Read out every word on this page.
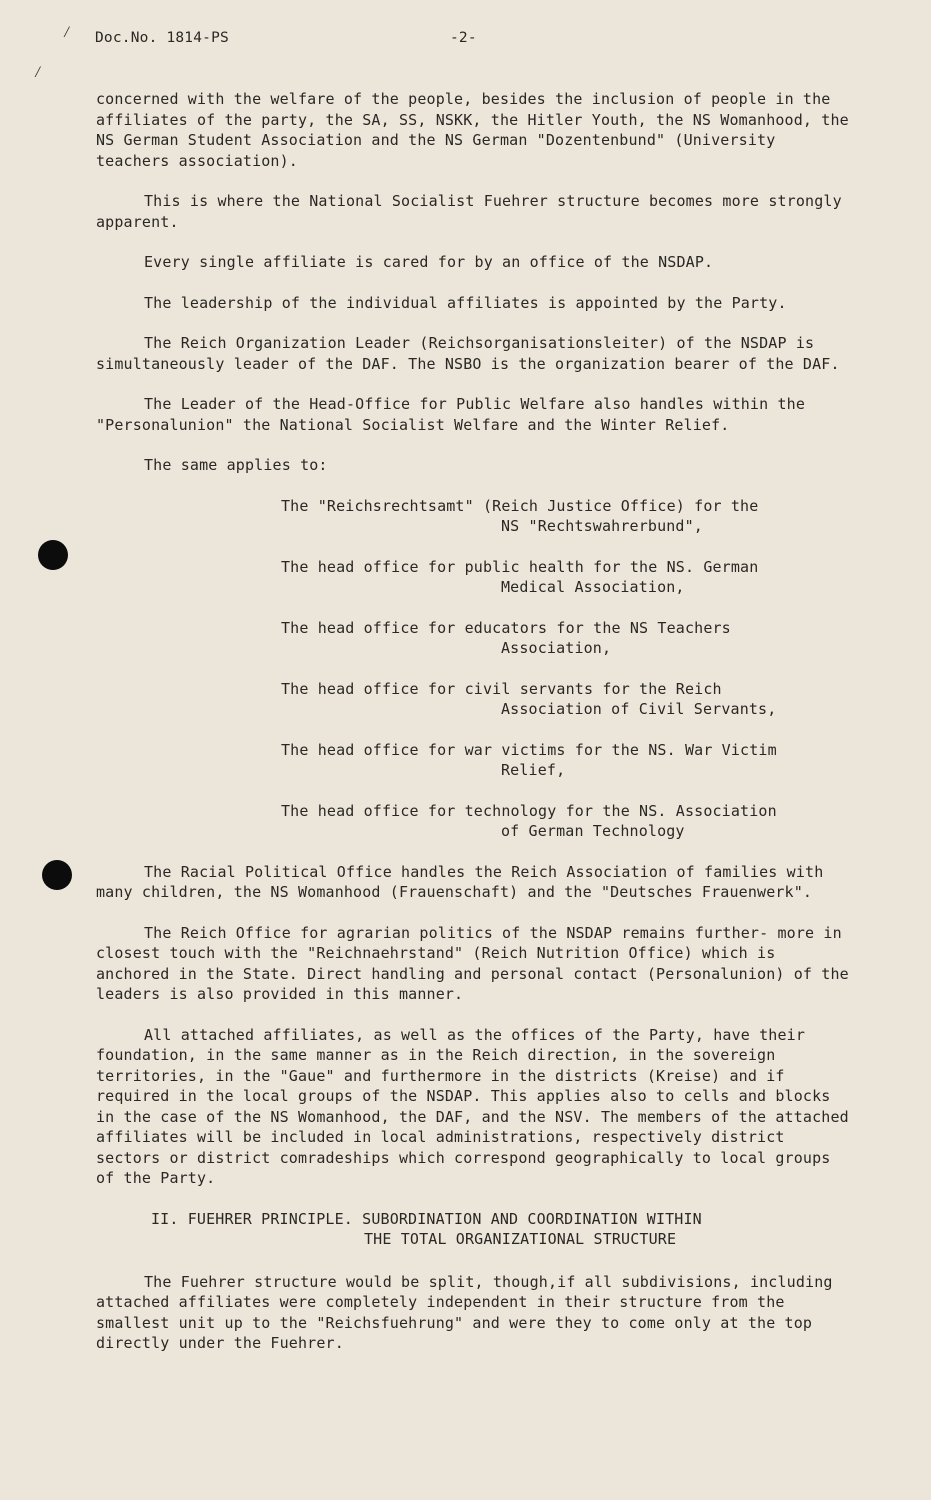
⁄
⁄
Doc.No. 1814-PS	-2-

concerned with the welfare of the people, besides the inclusion of people in the affiliates of the party, the SA, SS, NSKK, the Hitler Youth, the NS Womanhood, the NS German Student Association and the NS German "Dozentenbund" (University teachers association).

This is where the National Socialist Fuehrer structure becomes more strongly apparent.

Every single affiliate is cared for by an office of the NSDAP.

The leadership of the individual affiliates is appointed by the Party.

The Reich Organization Leader (Reichsorganisationsleiter) of the NSDAP is simultaneously leader of the DAF. The NSBO is the organization bearer of the DAF.

The Leader of the Head-Office for Public Welfare also handles within the "Personalunion" the National Socialist Welfare and the Winter Relief.

The same applies to:

The "Reichsrechtsamt" (Reich Justice Office) for the
NS "Rechtswahrerbund",
The head office for public health for the NS. German
Medical Association,
The head office for educators for the NS Teachers
Association,
The head office for civil servants for the Reich
Association of Civil Servants,
The head office for war victims for the NS. War Victim
Relief,
The head office for technology for the NS. Association
of German Technology

The Racial Political Office handles the Reich Association of families with many children, the NS Womanhood (Frauenschaft) and the "Deutsches Frauenwerk".

The Reich Office for agrarian politics of the NSDAP remains further- more in closest touch with the "Reichnaehrstand" (Reich Nutrition Office) which is anchored in the State. Direct handling and personal contact (Personalunion) of the leaders is also provided in this manner.

All attached affiliates, as well as the offices of the Party, have their foundation, in the same manner as in the Reich direction, in the sovereign territories, in the "Gaue" and furthermore in the districts (Kreise) and if required in the local groups of the NSDAP. This applies also to cells and blocks in the case of the NS Womanhood, the DAF, and the NSV. The members of the attached affiliates will be included in local administrations, respectively district sectors or district comradeships which correspond geographically to local groups of the Party.

II. FUEHRER PRINCIPLE. SUBORDINATION AND COORDINATION WITHIN
THE TOTAL ORGANIZATIONAL STRUCTURE

The Fuehrer structure would be split, though,if all subdivisions, including attached affiliates were completely independent in their structure from the smallest unit up to the "Reichsfuehrung" and were they to come only at the top directly under the Fuehrer.
